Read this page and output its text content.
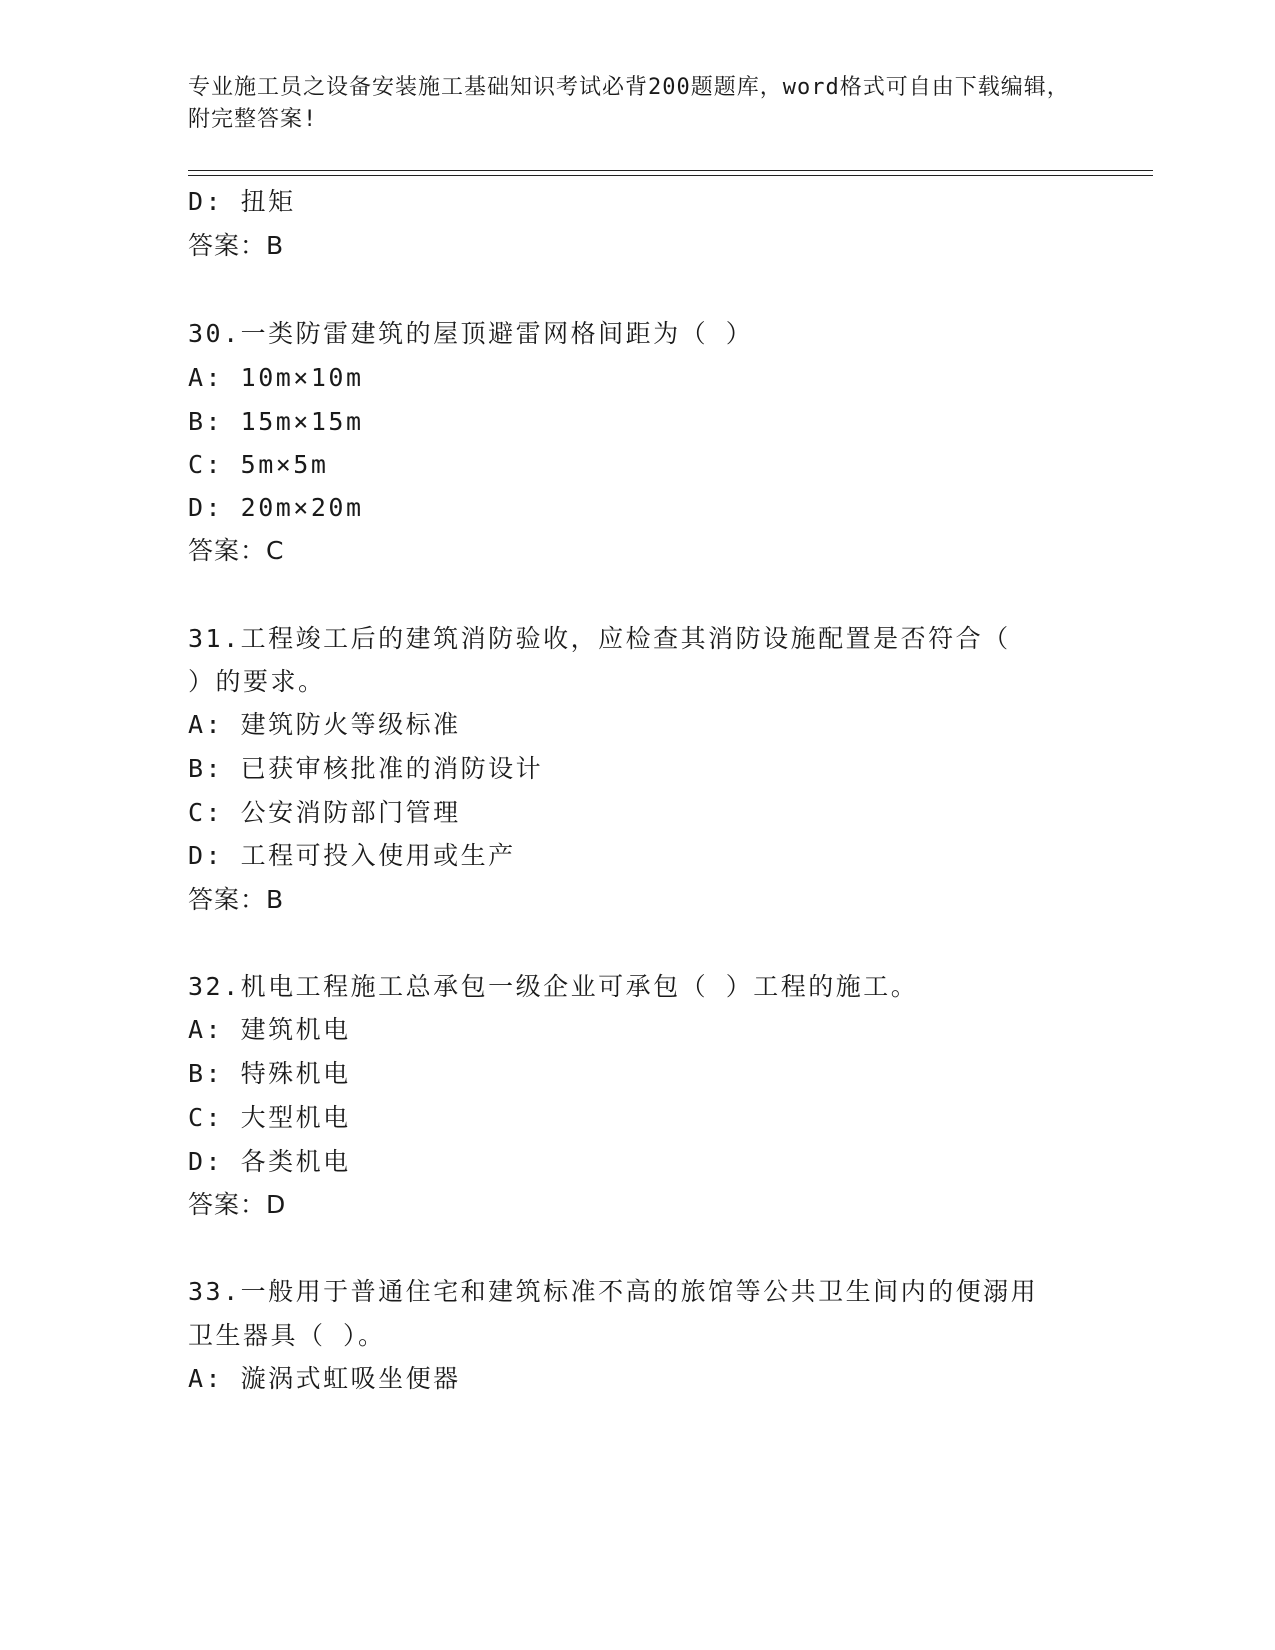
专业施工员之设备安装施工基础知识考试必背200题题库，word格式可自由下载编辑，附完整答案!
D: 扭矩
答案：B
30.一类防雷建筑的屋顶避雷网格间距为（ ）
A: 10m×10m
B: 15m×15m
C: 5m×5m
D: 20m×20m
答案：C
31.工程竣工后的建筑消防验收，应检查其消防设施配置是否符合（
）的要求。
A: 建筑防火等级标准
B: 已获审核批准的消防设计
C: 公安消防部门管理
D: 工程可投入使用或生产
答案：B
32.机电工程施工总承包一级企业可承包（ ）工程的施工。
A: 建筑机电
B: 特殊机电
C: 大型机电
D: 各类机电
答案：D
33.一般用于普通住宅和建筑标准不高的旅馆等公共卫生间内的便溺用
卫生器具（ ）。
A: 漩涡式虹吸坐便器
